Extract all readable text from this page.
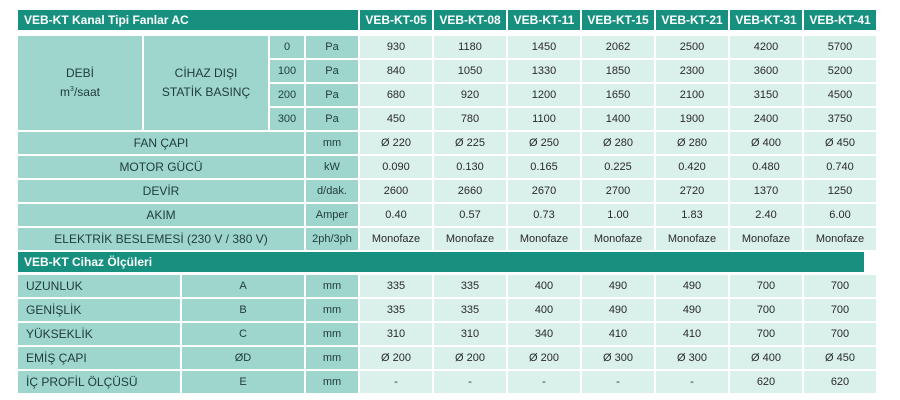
VEB-KT Kanal Tipi Fanlar AC	VEB-KT-05	VEB-KT-08	VEB-KT-11	VEB-KT-15	VEB-KT-21	VEB-KT-31	VEB-KT-41
DEBİ
$m^3$/saat
CİHAZ DIŞI
STATİK BASINÇ
0	Pa	930	1180	1450	2062	2500	4200	5700
100	Pa	840	1050	1330	1850	2300	3600	5200
200	Pa	680	920	1200	1650	2100	3150	4500
300	Pa	450	780	1100	1400	1900	2400	3750
FAN ÇAPI	mm	Ø 220	Ø 225	Ø 250	Ø 280	Ø 280	Ø 400	Ø 450
MOTOR GÜCÜ	kW	0.090	0.130	0.165	0.225	0.420	0.480	0.740
DEVİR	d/dak.	2600	2660	2670	2700	2720	1370	1250
AKIM	Amper	0.40	0.57	0.73	1.00	1.83	2.40	6.00
ELEKTRİK BESLEMESİ (230 V / 380 V)	2ph/3ph	Monofaze	Monofaze	Monofaze	Monofaze	Monofaze	Monofaze	Monofaze
VEB-KT Cihaz Ölçüleri
UZUNLUK	A	mm	335	335	400	490	490	700	700
GENİŞLİK	B	mm	335	335	400	490	490	700	700
YÜKSEKLİK	C	mm	310	310	340	410	410	700	700
EMİŞ ÇAPI	ØD	mm	Ø 200	Ø 200	Ø 200	Ø 300	Ø 300	Ø 400	Ø 450
İÇ PROFİL ÖLÇÜSÜ	E	mm	-	-	-	-	-	620	620
